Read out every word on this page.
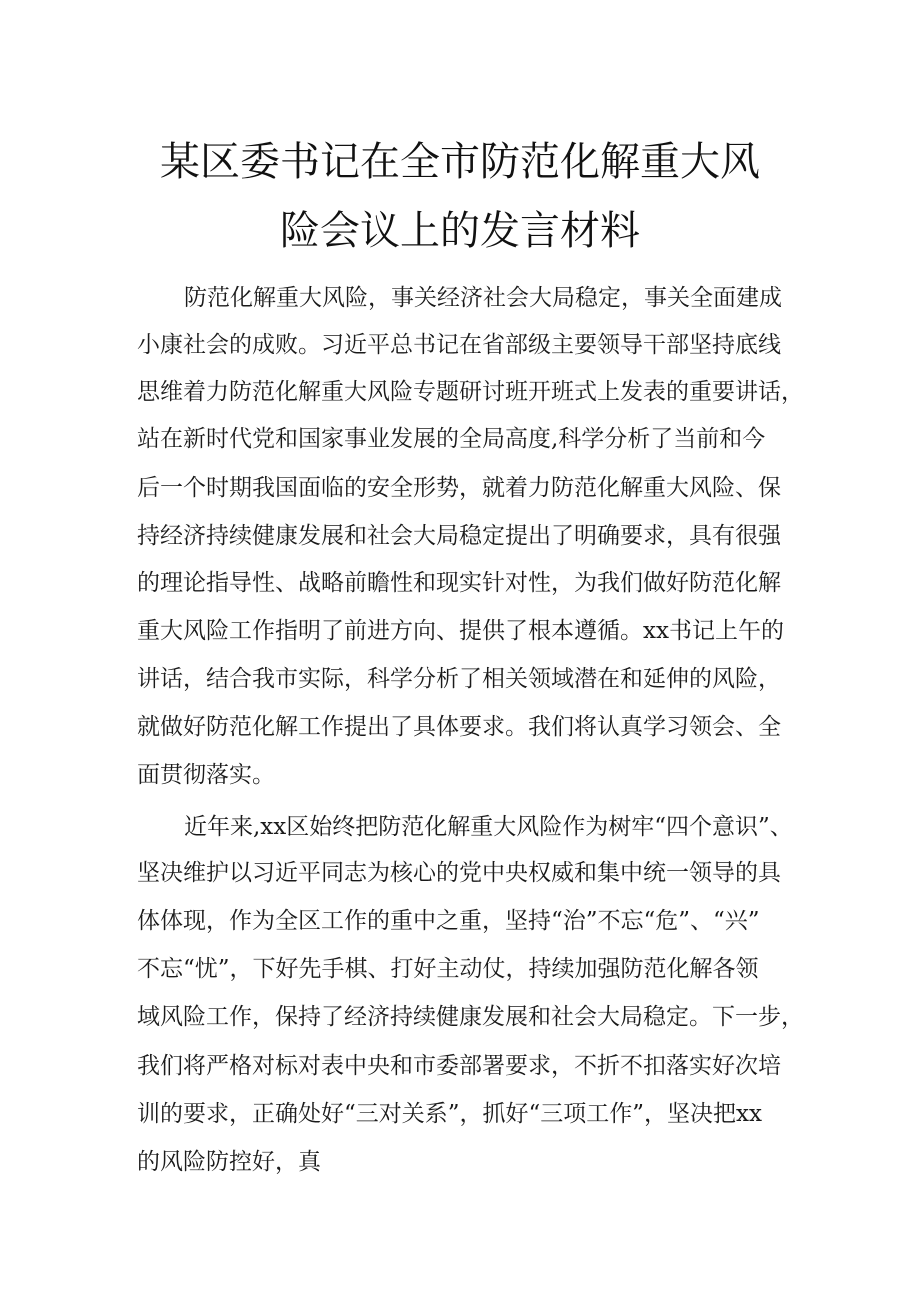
某区委书记在全市防范化解重大风
险会议上的发言材料
防范化解重大风险，事关经济社会大局稳定，事关全面建成
小康社会的成败。习近平总书记在省部级主要领导干部坚持底线
思维着力防范化解重大风险专题研讨班开班式上发表的重要讲话，
站在新时代党和国家事业发展的全局高度,科学分析了当前和今
后一个时期我国面临的安全形势，就着力防范化解重大风险、保
持经济持续健康发展和社会大局稳定提出了明确要求，具有很强
的理论指导性、战略前瞻性和现实针对性，为我们做好防范化解
重大风险工作指明了前进方向、提供了根本遵循。xx书记上午的
讲话，结合我市实际，科学分析了相关领域潜在和延伸的风险，
就做好防范化解工作提出了具体要求。我们将认真学习领会、全
面贯彻落实。
近年来,xx区始终把防范化解重大风险作为树牢“四个意识”、
坚决维护以习近平同志为核心的党中央权威和集中统一领导的具
体体现，作为全区工作的重中之重，坚持“治”不忘“危”、“兴”
不忘“忧”，下好先手棋、打好主动仗，持续加强防范化解各领
域风险工作，保持了经济持续健康发展和社会大局稳定。下一步，
我们将严格对标对表中央和市委部署要求，不折不扣落实好次培
训的要求，正确处好“三对关系”，抓好“三项工作”，坚决把xx
的风险防控好，真
